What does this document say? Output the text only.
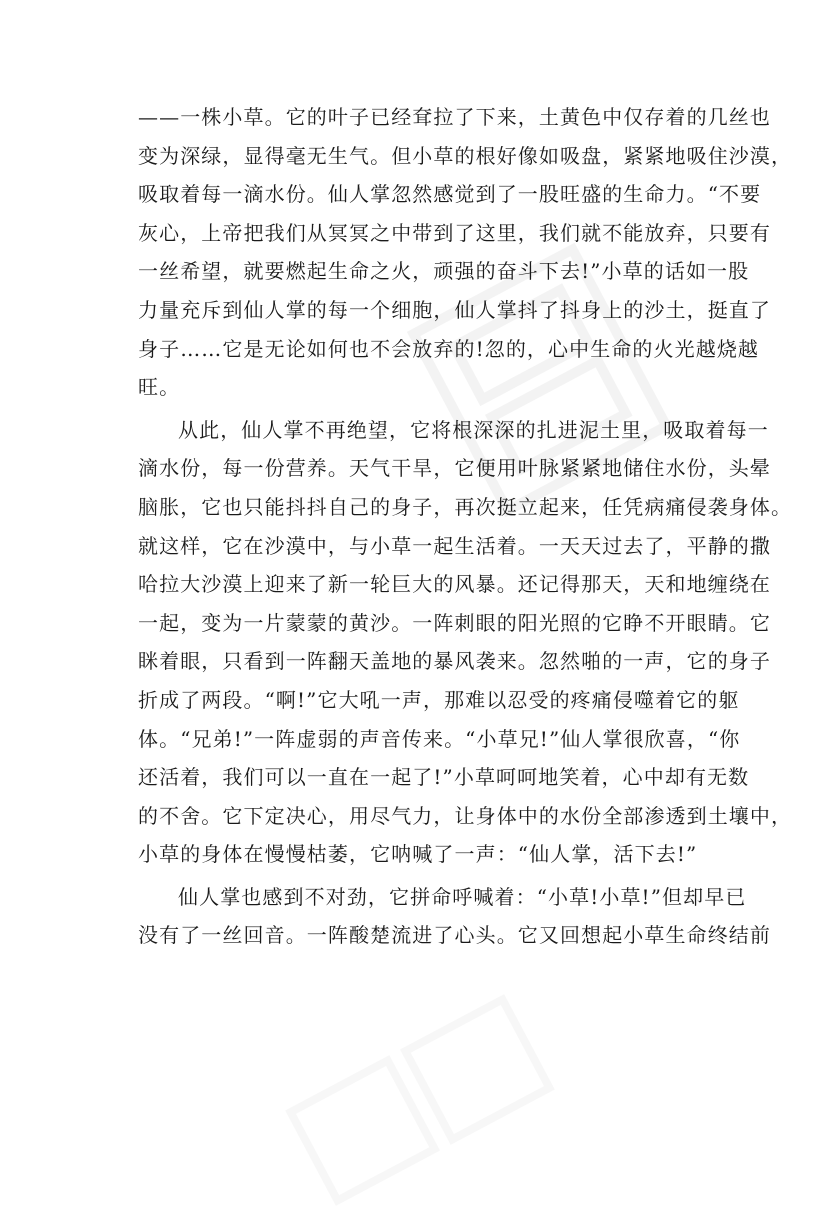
——一株小草。它的叶子已经耷拉了下来，土黄色中仅存着的几丝也
变为深绿，显得毫无生气。但小草的根好像如吸盘，紧紧地吸住沙漠，
吸取着每一滴水份。仙人掌忽然感觉到了一股旺盛的生命力。“不要
灰心，上帝把我们从冥冥之中带到了这里，我们就不能放弃，只要有
一丝希望，就要燃起生命之火，顽强的奋斗下去!”小草的话如一股
力量充斥到仙人掌的每一个细胞，仙人掌抖了抖身上的沙土，挺直了
身子……它是无论如何也不会放弃的!忽的，心中生命的火光越烧越
旺。
从此，仙人掌不再绝望，它将根深深的扎进泥土里，吸取着每一
滴水份，每一份营养。天气干旱，它便用叶脉紧紧地储住水份，头晕
脑胀，它也只能抖抖自己的身子，再次挺立起来，任凭病痛侵袭身体。
就这样，它在沙漠中，与小草一起生活着。一天天过去了，平静的撒
哈拉大沙漠上迎来了新一轮巨大的风暴。还记得那天，天和地缠绕在
一起，变为一片蒙蒙的黄沙。一阵刺眼的阳光照的它睁不开眼睛。它
眯着眼，只看到一阵翻天盖地的暴风袭来。忽然啪的一声，它的身子
折成了两段。“啊!”它大吼一声，那难以忍受的疼痛侵噬着它的躯
体。“兄弟!”一阵虚弱的声音传来。“小草兄!”仙人掌很欣喜，“你
还活着，我们可以一直在一起了!”小草呵呵地笑着，心中却有无数
的不舍。它下定决心，用尽气力，让身体中的水份全部渗透到土壤中，
小草的身体在慢慢枯萎，它呐喊了一声：“仙人掌，活下去!”
仙人掌也感到不对劲，它拼命呼喊着：“小草!小草!”但却早已
没有了一丝回音。一阵酸楚流进了心头。它又回想起小草生命终结前
